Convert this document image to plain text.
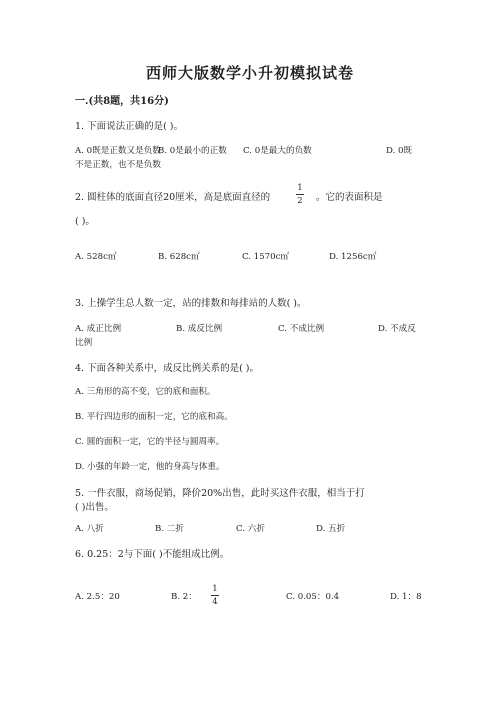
西师大版数学小升初模拟试卷
一.(共8题，共16分)
1. 下面说法正确的是( )。
A. 0既是正数又是负数
B. 0是最小的正数 C. 0是最大的负数	D. 0既
不是正数，也不是负数
2. 圆柱体的底面直径20厘米，高是底面直径的
1
2 。它的表面积是
( )。
A. 528c㎡	B. 628c㎡	C. 1570c㎡	D. 1256c㎡
3. 上操学生总人数一定，站的排数和每排站的人数( )。
A. 成正比例	B. 成反比例	C. 不成比例	D. 不成反
比例
4. 下面各种关系中，成反比例关系的是( )。
A. 三角形的高不变，它的底和面积。
B. 平行四边形的面积一定，它的底和高。
C. 圆的面积一定，它的半径与圆周率。
D. 小强的年龄一定，他的身高与体重。
5. 一件衣服，商场促销，降价20%出售，此时买这件衣服，相当于打
( )出售。
A. 八折	B. 二折	C. 六折	D. 五折
6. 0.25：2与下面( )不能组成比例。
A. 2.5：20	B. 2：
1
4	C. 0.05：0.4	D. 1：8
